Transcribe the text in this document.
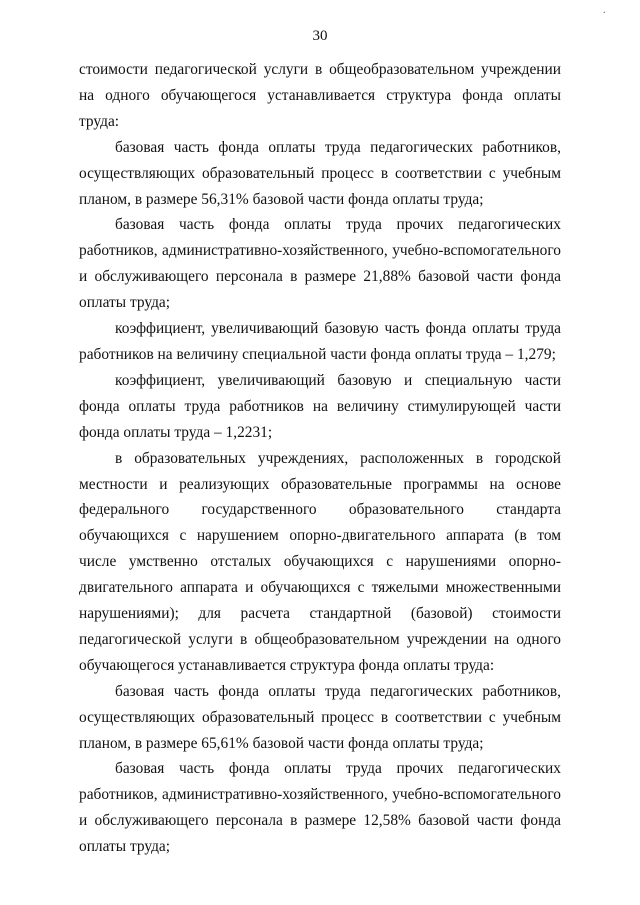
·
30

стоимости педагогической услуги в общеобразовательном учреждении на одного обучающегося устанавливается структура фонда оплаты труда:

базовая часть фонда оплаты труда педагогических работников, осуществляющих образовательный процесс в соответствии с учебным планом, в размере 56,31% базовой части фонда оплаты труда;

базовая часть фонда оплаты труда прочих педагогических работников, административно-хозяйственного, учебно-вспомогательного и обслуживающего персонала в размере 21,88% базовой части фонда оплаты труда;

коэффициент, увеличивающий базовую часть фонда оплаты труда работников на величину специальной части фонда оплаты труда – 1,279;

коэффициент, увеличивающий базовую и специальную части фонда оплаты труда работников на величину стимулирующей части фонда оплаты труда – 1,2231;

в образовательных учреждениях, расположенных в городской местности и реализующих образовательные программы на основе федерального государственного образовательного стандарта обучающихся с нарушением опорно-двигательного аппарата (в том числе умственно отсталых обучающихся с нарушениями опорно-двигательного аппарата и обучающихся с тяжелыми множественными нарушениями); для расчета стандартной (базовой) стоимости педагогической услуги в общеобразовательном учреждении на одного обучающегося устанавливается структура фонда оплаты труда:

базовая часть фонда оплаты труда педагогических работников, осуществляющих образовательный процесс в соответствии с учебным планом, в размере 65,61% базовой части фонда оплаты труда;

базовая часть фонда оплаты труда прочих педагогических работников, административно-хозяйственного, учебно-вспомогательного и обслуживающего персонала в размере 12,58% базовой части фонда оплаты труда;
